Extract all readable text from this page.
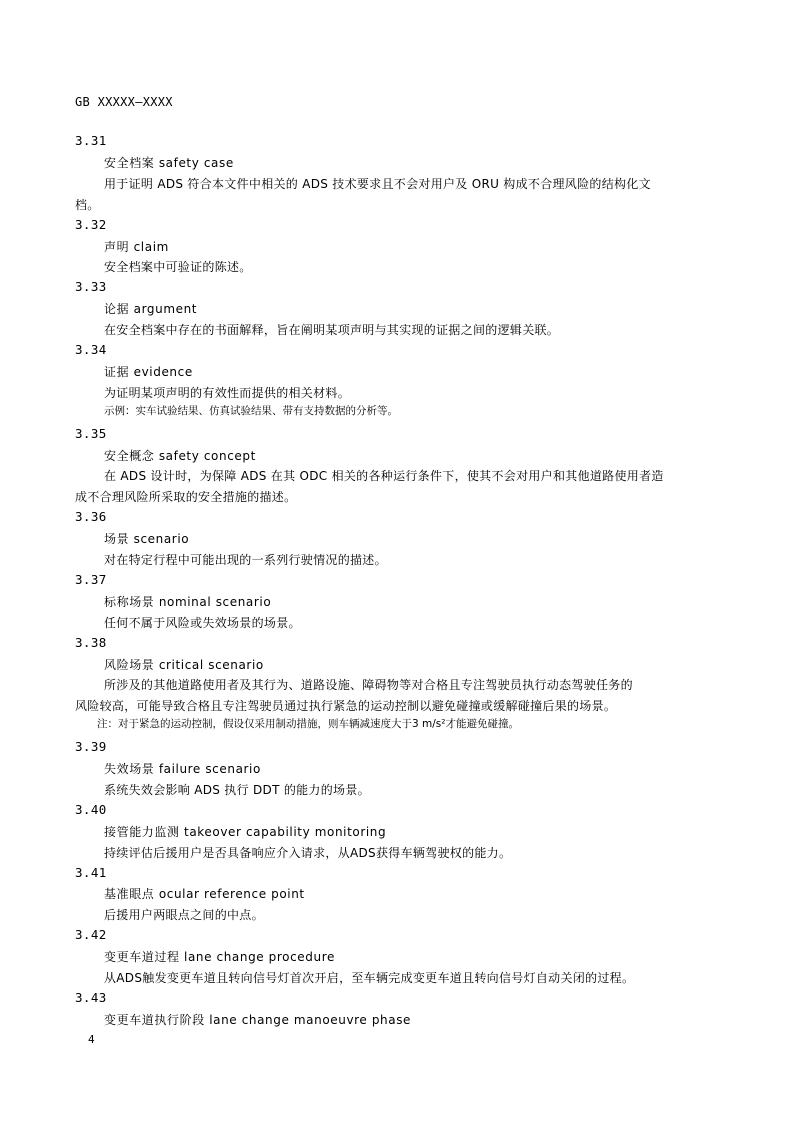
GB XXXXX—XXXX
3.31
安全档案 safety case
用于证明 ADS 符合本文件中相关的 ADS 技术要求且不会对用户及 ORU 构成不合理风险的结构化文
档。
3.32
声明 claim
安全档案中可验证的陈述。
3.33
论据 argument
在安全档案中存在的书面解释，旨在阐明某项声明与其实现的证据之间的逻辑关联。
3.34
证据 evidence
为证明某项声明的有效性而提供的相关材料。
示例：实车试验结果、仿真试验结果、带有支持数据的分析等。
3.35
安全概念 safety concept
在 ADS 设计时，为保障 ADS 在其 ODC 相关的各种运行条件下，使其不会对用户和其他道路使用者造
成不合理风险所采取的安全措施的描述。
3.36
场景 scenario
对在特定行程中可能出现的一系列行驶情况的描述。
3.37
标称场景 nominal scenario
任何不属于风险或失效场景的场景。
3.38
风险场景 critical scenario
所涉及的其他道路使用者及其行为、道路设施、障碍物等对合格且专注驾驶员执行动态驾驶任务的
风险较高，可能导致合格且专注驾驶员通过执行紧急的运动控制以避免碰撞或缓解碰撞后果的场景。
注：对于紧急的运动控制，假设仅采用制动措施，则车辆减速度大于3 m/s²才能避免碰撞。
3.39
失效场景 failure scenario
系统失效会影响 ADS 执行 DDT 的能力的场景。
3.40
接管能力监测 takeover capability monitoring
持续评估后援用户是否具备响应介入请求，从ADS获得车辆驾驶权的能力。
3.41
基准眼点 ocular reference point
后援用户两眼点之间的中点。
3.42
变更车道过程 lane change procedure
从ADS触发变更车道且转向信号灯首次开启，至车辆完成变更车道且转向信号灯自动关闭的过程。
3.43
变更车道执行阶段 lane change manoeuvre phase
4
